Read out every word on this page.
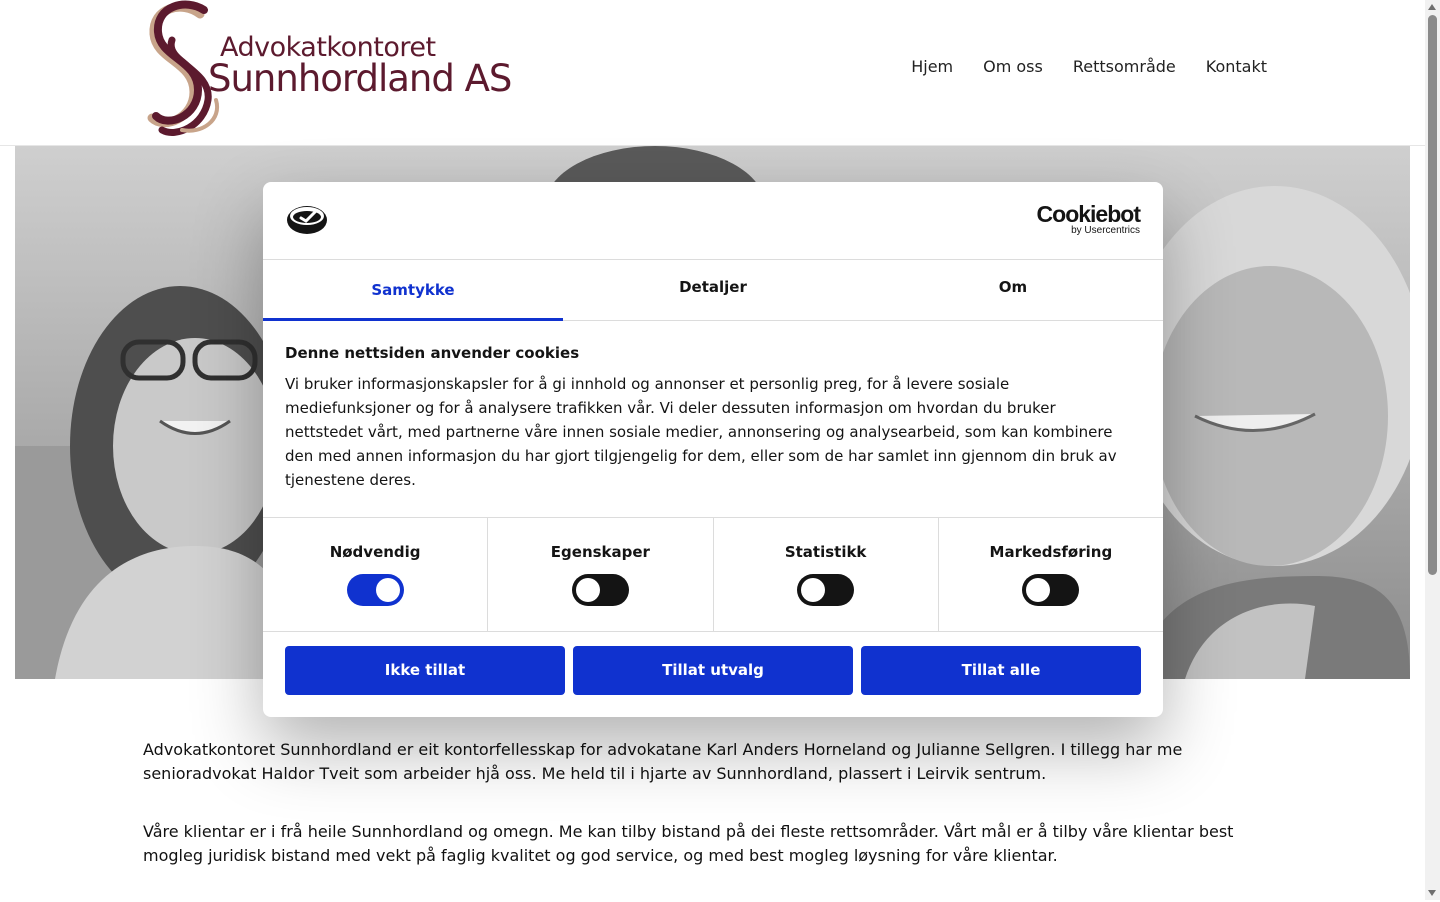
Advokatkontoret
Sunnhordland AS	Hjem Om oss Rettsområde Kontakt

Advokatkontoret Sunnhordland er eit kontorfellesskap for advokatane Karl Anders Horneland og Julianne Sellgren. I tillegg har me senioradvokat Haldor Tveit som arbeider hjå oss. Me held til i hjarte av Sunnhordland, plassert i Leirvik sentrum.

Våre klientar er i frå heile Sunnhordland og omegn. Me kan tilby bistand på dei fleste rettsområder. Vårt mål er å tilby våre klientar best mogleg juridisk bistand med vekt på faglig kvalitet og god service, og med best mogleg løysning for våre klientar.

Cookiebot
by Usercentrics
Samtykke	Detaljer	Om

Denne nettsiden anvender cookies

Vi bruker informasjonskapsler for å gi innhold og annonser et personlig preg, for å levere sosiale mediefunksjoner og for å analysere trafikken vår. Vi deler dessuten informasjon om hvordan du bruker nettstedet vårt, med partnerne våre innen sosiale medier, annonsering og analysearbeid, som kan kombinere den med annen informasjon du har gjort tilgjengelig for dem, eller som de har samlet inn gjennom din bruk av tjenestene deres.

Nødvendig	Egenskaper	Statistikk	Markedsføring
Ikke tillat	Tillat utvalg	Tillat alle
